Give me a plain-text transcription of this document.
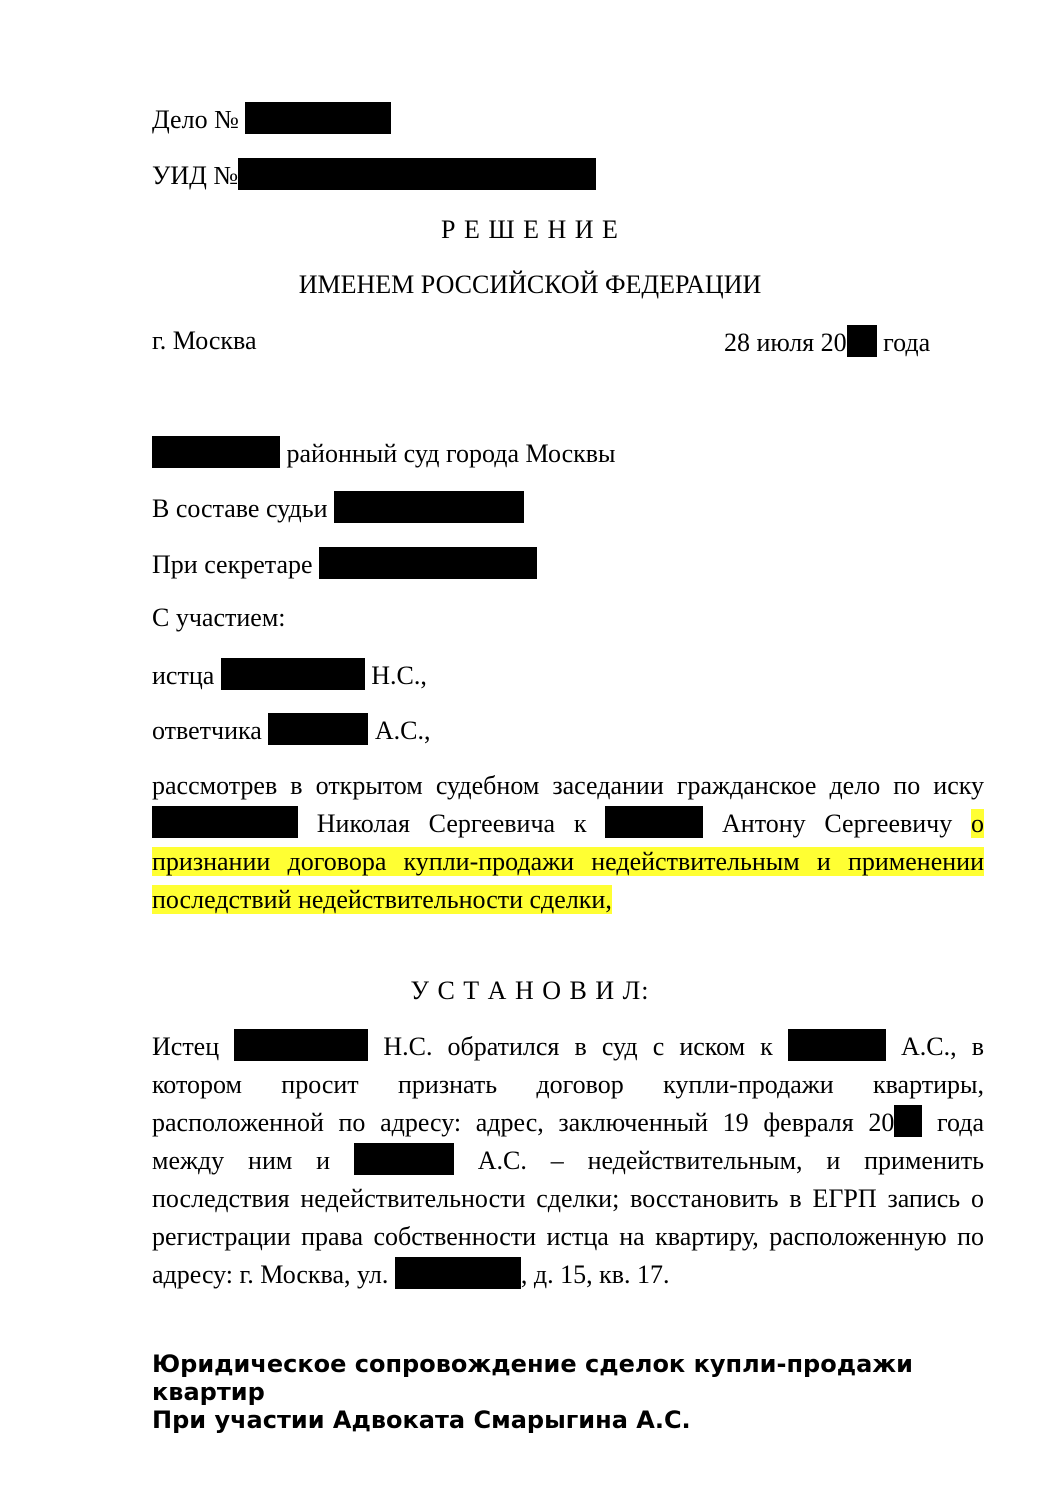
Дело №
УИД №
Р Е Ш Е Н И Е
ИМЕНЕМ РОССИЙСКОЙ ФЕДЕРАЦИИ
г. Москва	28 июля 20 года
районный суд города Москвы
В составе судьи
При секретаре
С участием:
истца	Н.С.,
ответчика	А.С.,
рассмотрев в открытом судебном заседании гражданское дело по иску  Николая Сергеевича к	Антону Сергеевичу о признании договора купли-продажи недействительным и применении последствий недействительности сделки,
У С Т А Н О В И Л:
Истец	Н.С. обратился в суд с иском к	А.С., в котором просит признать договор купли-продажи квартиры, расположенной по адресу: адрес, заключенный 19 февраля 20 года между ним и	А.С. – недействительным, и применить последствия недействительности сделки; восстановить в ЕГРП запись о регистрации права собственности истца на квартиру, расположенную по адресу: г. Москва, ул.	, д. 15, кв. 17.
Юридическое сопровождение сделок купли-продажи
квартир
При участии Адвоката Смарыгина А.С.
